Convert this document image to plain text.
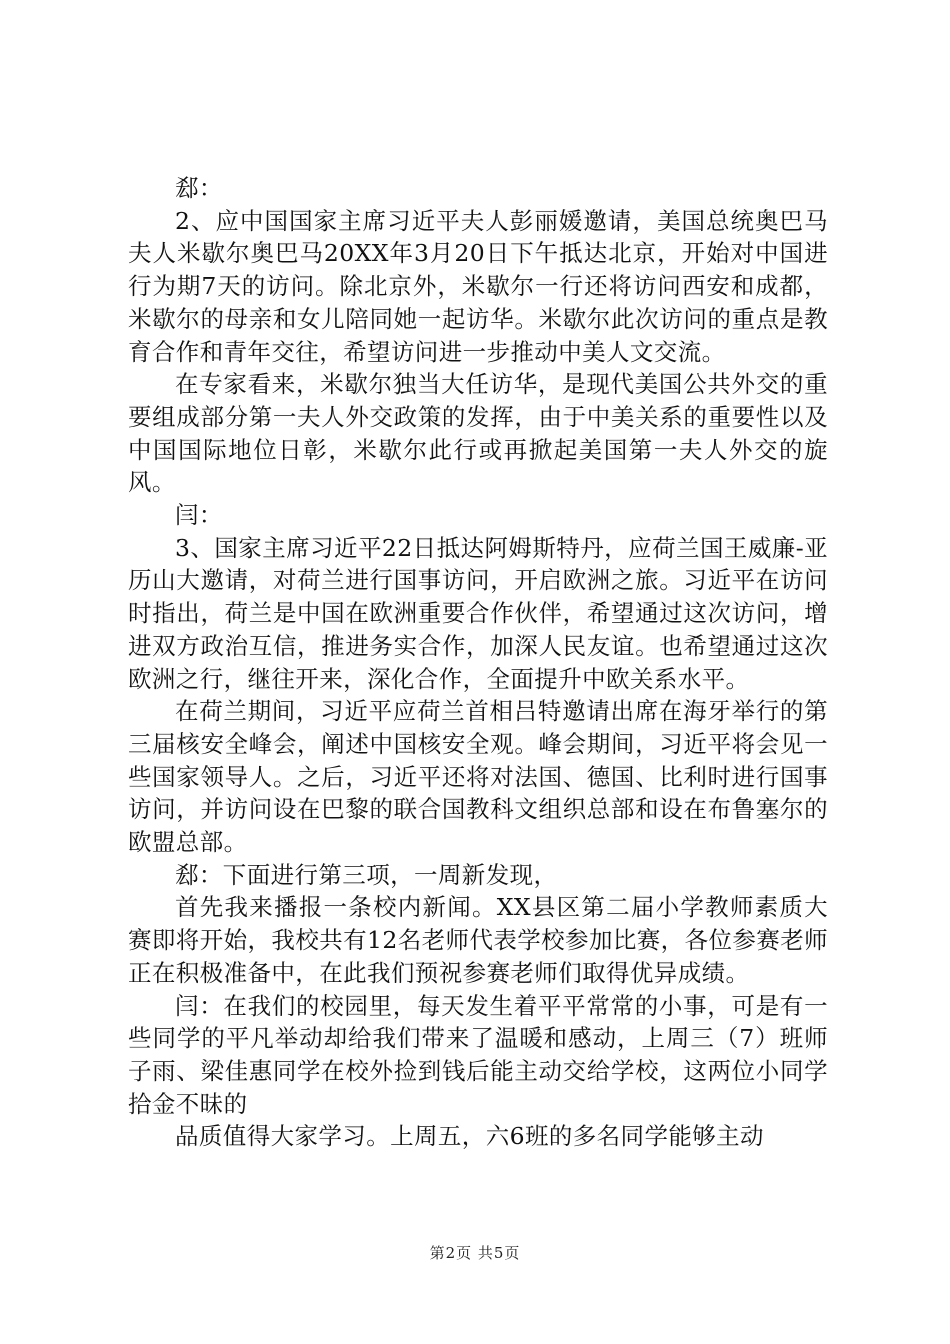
郄：

2、应中国国家主席习近平夫人彭丽媛邀请，美国总统奥巴马夫人米歇尔奥巴马20XX年3月20日下午抵达北京，开始对中国进行为期7天的访问。除北京外，米歇尔一行还将访问西安和成都，米歇尔的母亲和女儿陪同她一起访华。米歇尔此次访问的重点是教育合作和青年交往，希望访问进一步推动中美人文交流。

在专家看来，米歇尔独当大任访华，是现代美国公共外交的重要组成部分第一夫人外交政策的发挥，由于中美关系的重要性以及中国国际地位日彰，米歇尔此行或再掀起美国第一夫人外交的旋风。

闫：

3、国家主席习近平22日抵达阿姆斯特丹，应荷兰国王威廉-亚历山大邀请，对荷兰进行国事访问，开启欧洲之旅。习近平在访问时指出，荷兰是中国在欧洲重要合作伙伴，希望通过这次访问，增进双方政治互信，推进务实合作，加深人民友谊。也希望通过这次欧洲之行，继往开来，深化合作，全面提升中欧关系水平。

在荷兰期间，习近平应荷兰首相吕特邀请出席在海牙举行的第三届核安全峰会，阐述中国核安全观。峰会期间，习近平将会见一些国家领导人。之后，习近平还将对法国、德国、比利时进行国事访问，并访问设在巴黎的联合国教科文组织总部和设在布鲁塞尔的欧盟总部。

郄：下面进行第三项，一周新发现，

首先我来播报一条校内新闻。XX县区第二届小学教师素质大赛即将开始，我校共有12名老师代表学校参加比赛，各位参赛老师正在积极准备中，在此我们预祝参赛老师们取得优异成绩。

闫：在我们的校园里，每天发生着平平常常的小事，可是有一些同学的平凡举动却给我们带来了温暖和感动，上周三（7）班师子雨、梁佳惠同学在校外捡到钱后能主动交给学校，这两位小同学拾金不昧的

品质值得大家学习。上周五，六6班的多名同学能够主动

第2页 共5页
